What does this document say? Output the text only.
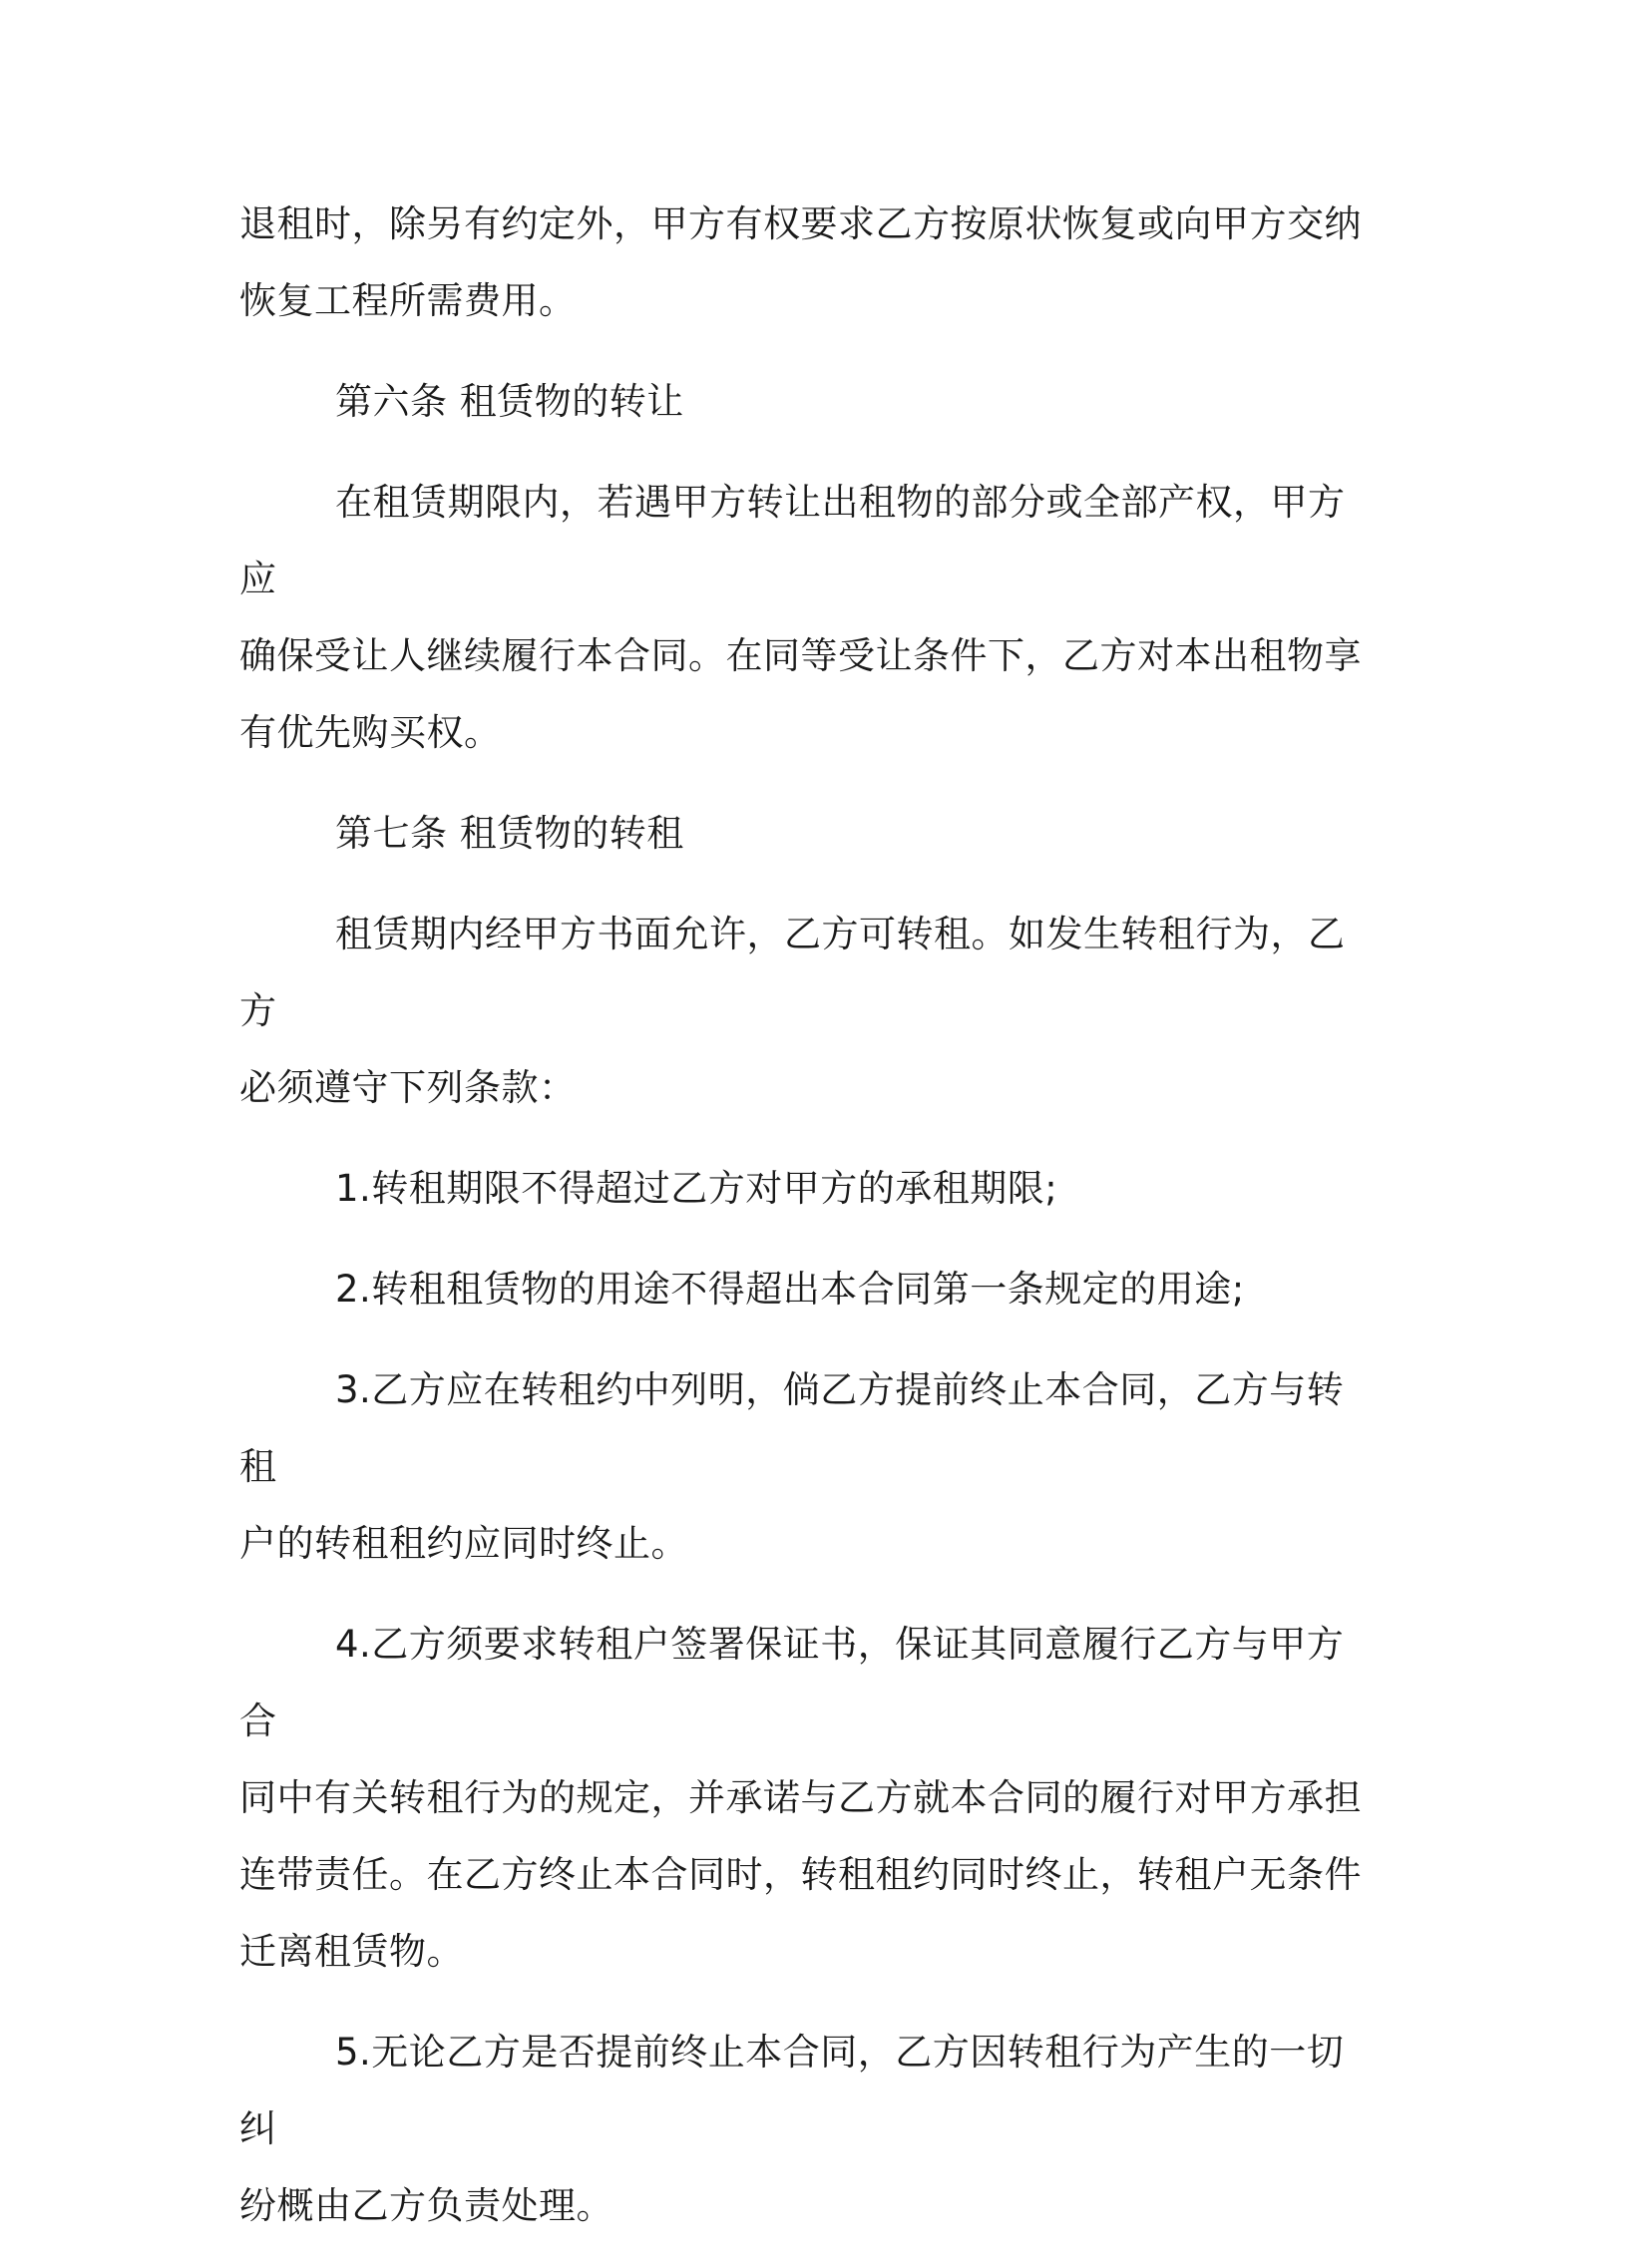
退租时，除另有约定外，甲方有权要求乙方按原状恢复或向甲方交纳
恢复工程所需费用。

第六条 租赁物的转让

在租赁期限内，若遇甲方转让出租物的部分或全部产权，甲方应
确保受让人继续履行本合同。在同等受让条件下，乙方对本出租物享
有优先购买权。

第七条 租赁物的转租

租赁期内经甲方书面允许，乙方可转租。如发生转租行为，乙方
必须遵守下列条款：

1.转租期限不得超过乙方对甲方的承租期限;

2.转租租赁物的用途不得超出本合同第一条规定的用途;

3.乙方应在转租约中列明，倘乙方提前终止本合同，乙方与转租
户的转租租约应同时终止。

4.乙方须要求转租户签署保证书，保证其同意履行乙方与甲方合
同中有关转租行为的规定，并承诺与乙方就本合同的履行对甲方承担
连带责任。在乙方终止本合同时，转租租约同时终止，转租户无条件
迁离租赁物。

5.无论乙方是否提前终止本合同，乙方因转租行为产生的一切纠
纷概由乙方负责处理。
